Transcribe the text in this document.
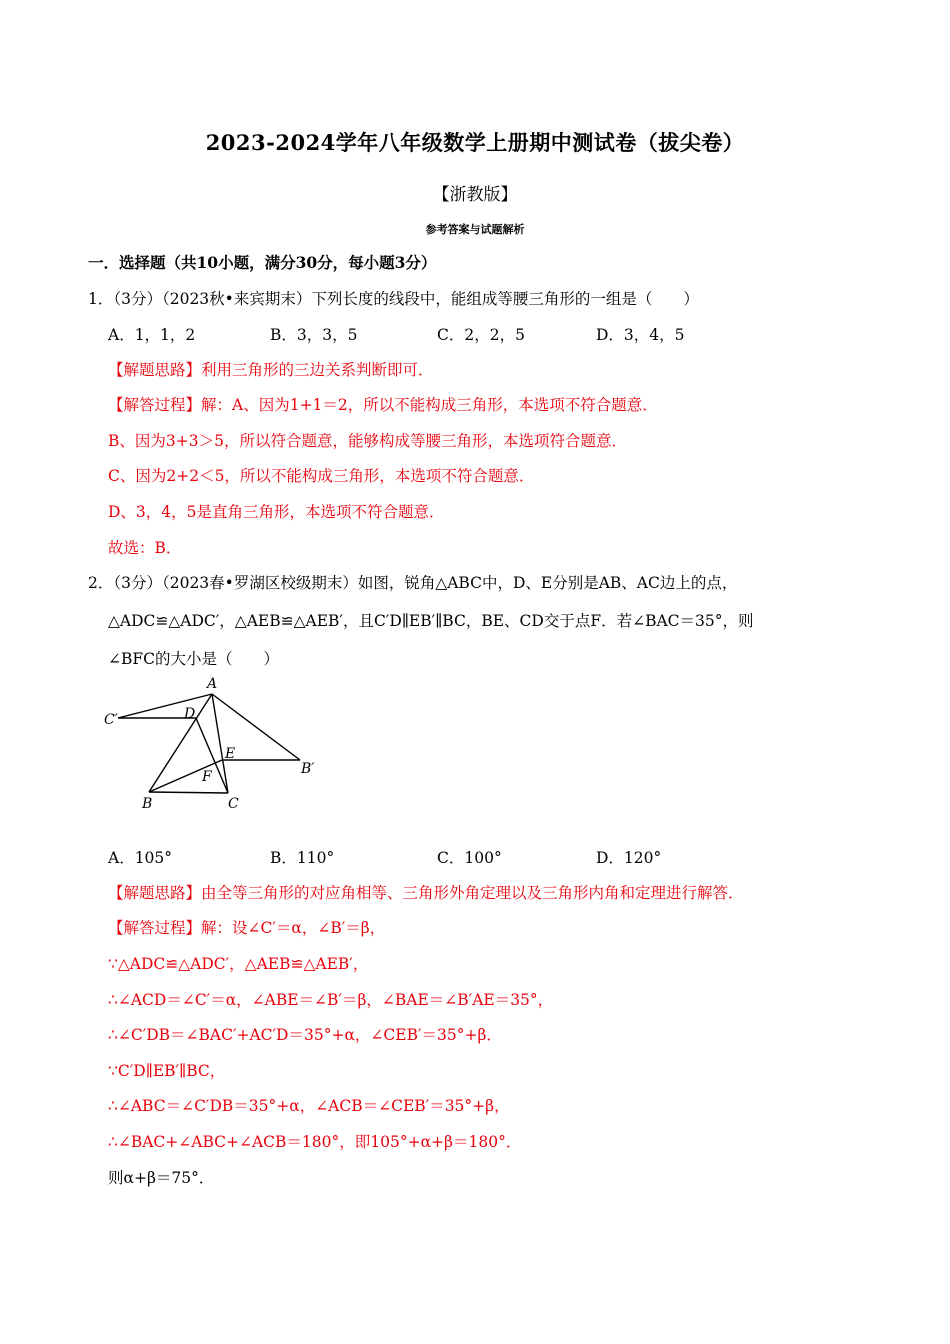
2023-2024学年八年级数学上册期中测试卷（拔尖卷）
【浙教版】
参考答案与试题解析
一．选择题（共10小题，满分30分，每小题3分）
1．（3分）（2023秋•来宾期末）下列长度的线段中，能组成等腰三角形的一组是（　　）
A．1，1，2	B．3，3，5	C．2，2，5	D．3，4，5
【解题思路】利用三角形的三边关系判断即可．
【解答过程】解：A、因为1+1＝2，所以不能构成三角形，本选项不符合题意．
B、因为3+3＞5，所以符合题意，能够构成等腰三角形，本选项符合题意．
C、因为2+2＜5，所以不能构成三角形，本选项不符合题意．
D、3，4，5是直角三角形，本选项不符合题意．
故选：B．
2．（3分）（2023春•罗湖区校级期末）如图，锐角△ABC中，D、E分别是AB、AC边上的点，
△ADC≌△ADC′，△AEB≌△AEB′，且C′D∥EB′∥BC，BE、CD交于点F．若∠BAC＝35°，则
∠BFC的大小是（　　）
A
C′	D
E
B′
F
B	C
A．105°	B．110°	C．100°	D．120°
【解题思路】由全等三角形的对应角相等、三角形外角定理以及三角形内角和定理进行解答．
【解答过程】解：设∠C′＝α，∠B′＝β，
∵△ADC≌△ADC′，△AEB≌△AEB′，
∴∠ACD＝∠C′＝α，∠ABE＝∠B′＝β，∠BAE＝∠B′AE＝35°，
∴∠C′DB＝∠BAC′+AC′D＝35°+α，∠CEB′＝35°+β．
∵C′D∥EB′∥BC，
∴∠ABC＝∠C′DB＝35°+α，∠ACB＝∠CEB′＝35°+β，
∴∠BAC+∠ABC+∠ACB＝180°，即105°+α+β＝180°．
则α+β＝75°．
